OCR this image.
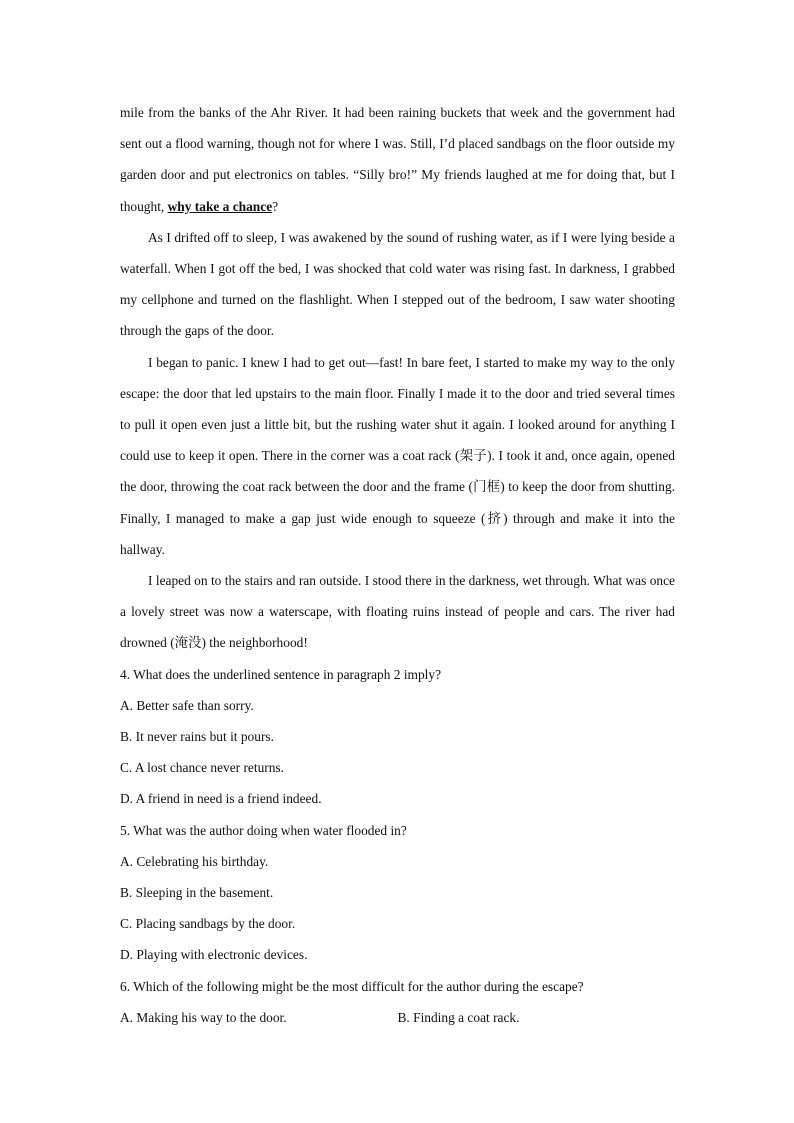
mile from the banks of the Ahr River. It had been raining buckets that week and the government had sent out a flood warning, though not for where I was. Still, I’d placed sandbags on the floor outside my garden door and put electronics on tables. “Silly bro!” My friends laughed at me for doing that, but I thought, why take a chance?

As I drifted off to sleep, I was awakened by the sound of rushing water, as if I were lying beside a waterfall. When I got off the bed, I was shocked that cold water was rising fast. In darkness, I grabbed my cellphone and turned on the flashlight. When I stepped out of the bedroom, I saw water shooting through the gaps of the door.

I began to panic. I knew I had to get out—fast! In bare feet, I started to make my way to the only escape: the door that led upstairs to the main floor. Finally I made it to the door and tried several times to pull it open even just a little bit, but the rushing water shut it again. I looked around for anything I could use to keep it open. There in the corner was a coat rack (架子). I took it and, once again, opened the door, throwing the coat rack between the door and the frame (门框) to keep the door from shutting. Finally, I managed to make a gap just wide enough to squeeze (挤) through and make it into the hallway.

I leaped on to the stairs and ran outside. I stood there in the darkness, wet through. What was once a lovely street was now a waterscape, with floating ruins instead of people and cars. The river had drowned (淹没) the neighborhood!

4. What does the underlined sentence in paragraph 2 imply?

A. Better safe than sorry.

B. It never rains but it pours.

C. A lost chance never returns.

D. A friend in need is a friend indeed.

5. What was the author doing when water flooded in?

A. Celebrating his birthday.

B. Sleeping in the basement.

C. Placing sandbags by the door.

D. Playing with electronic devices.

6. Which of the following might be the most difficult for the author during the escape?

A. Making his way to the door.	B. Finding a coat rack.
